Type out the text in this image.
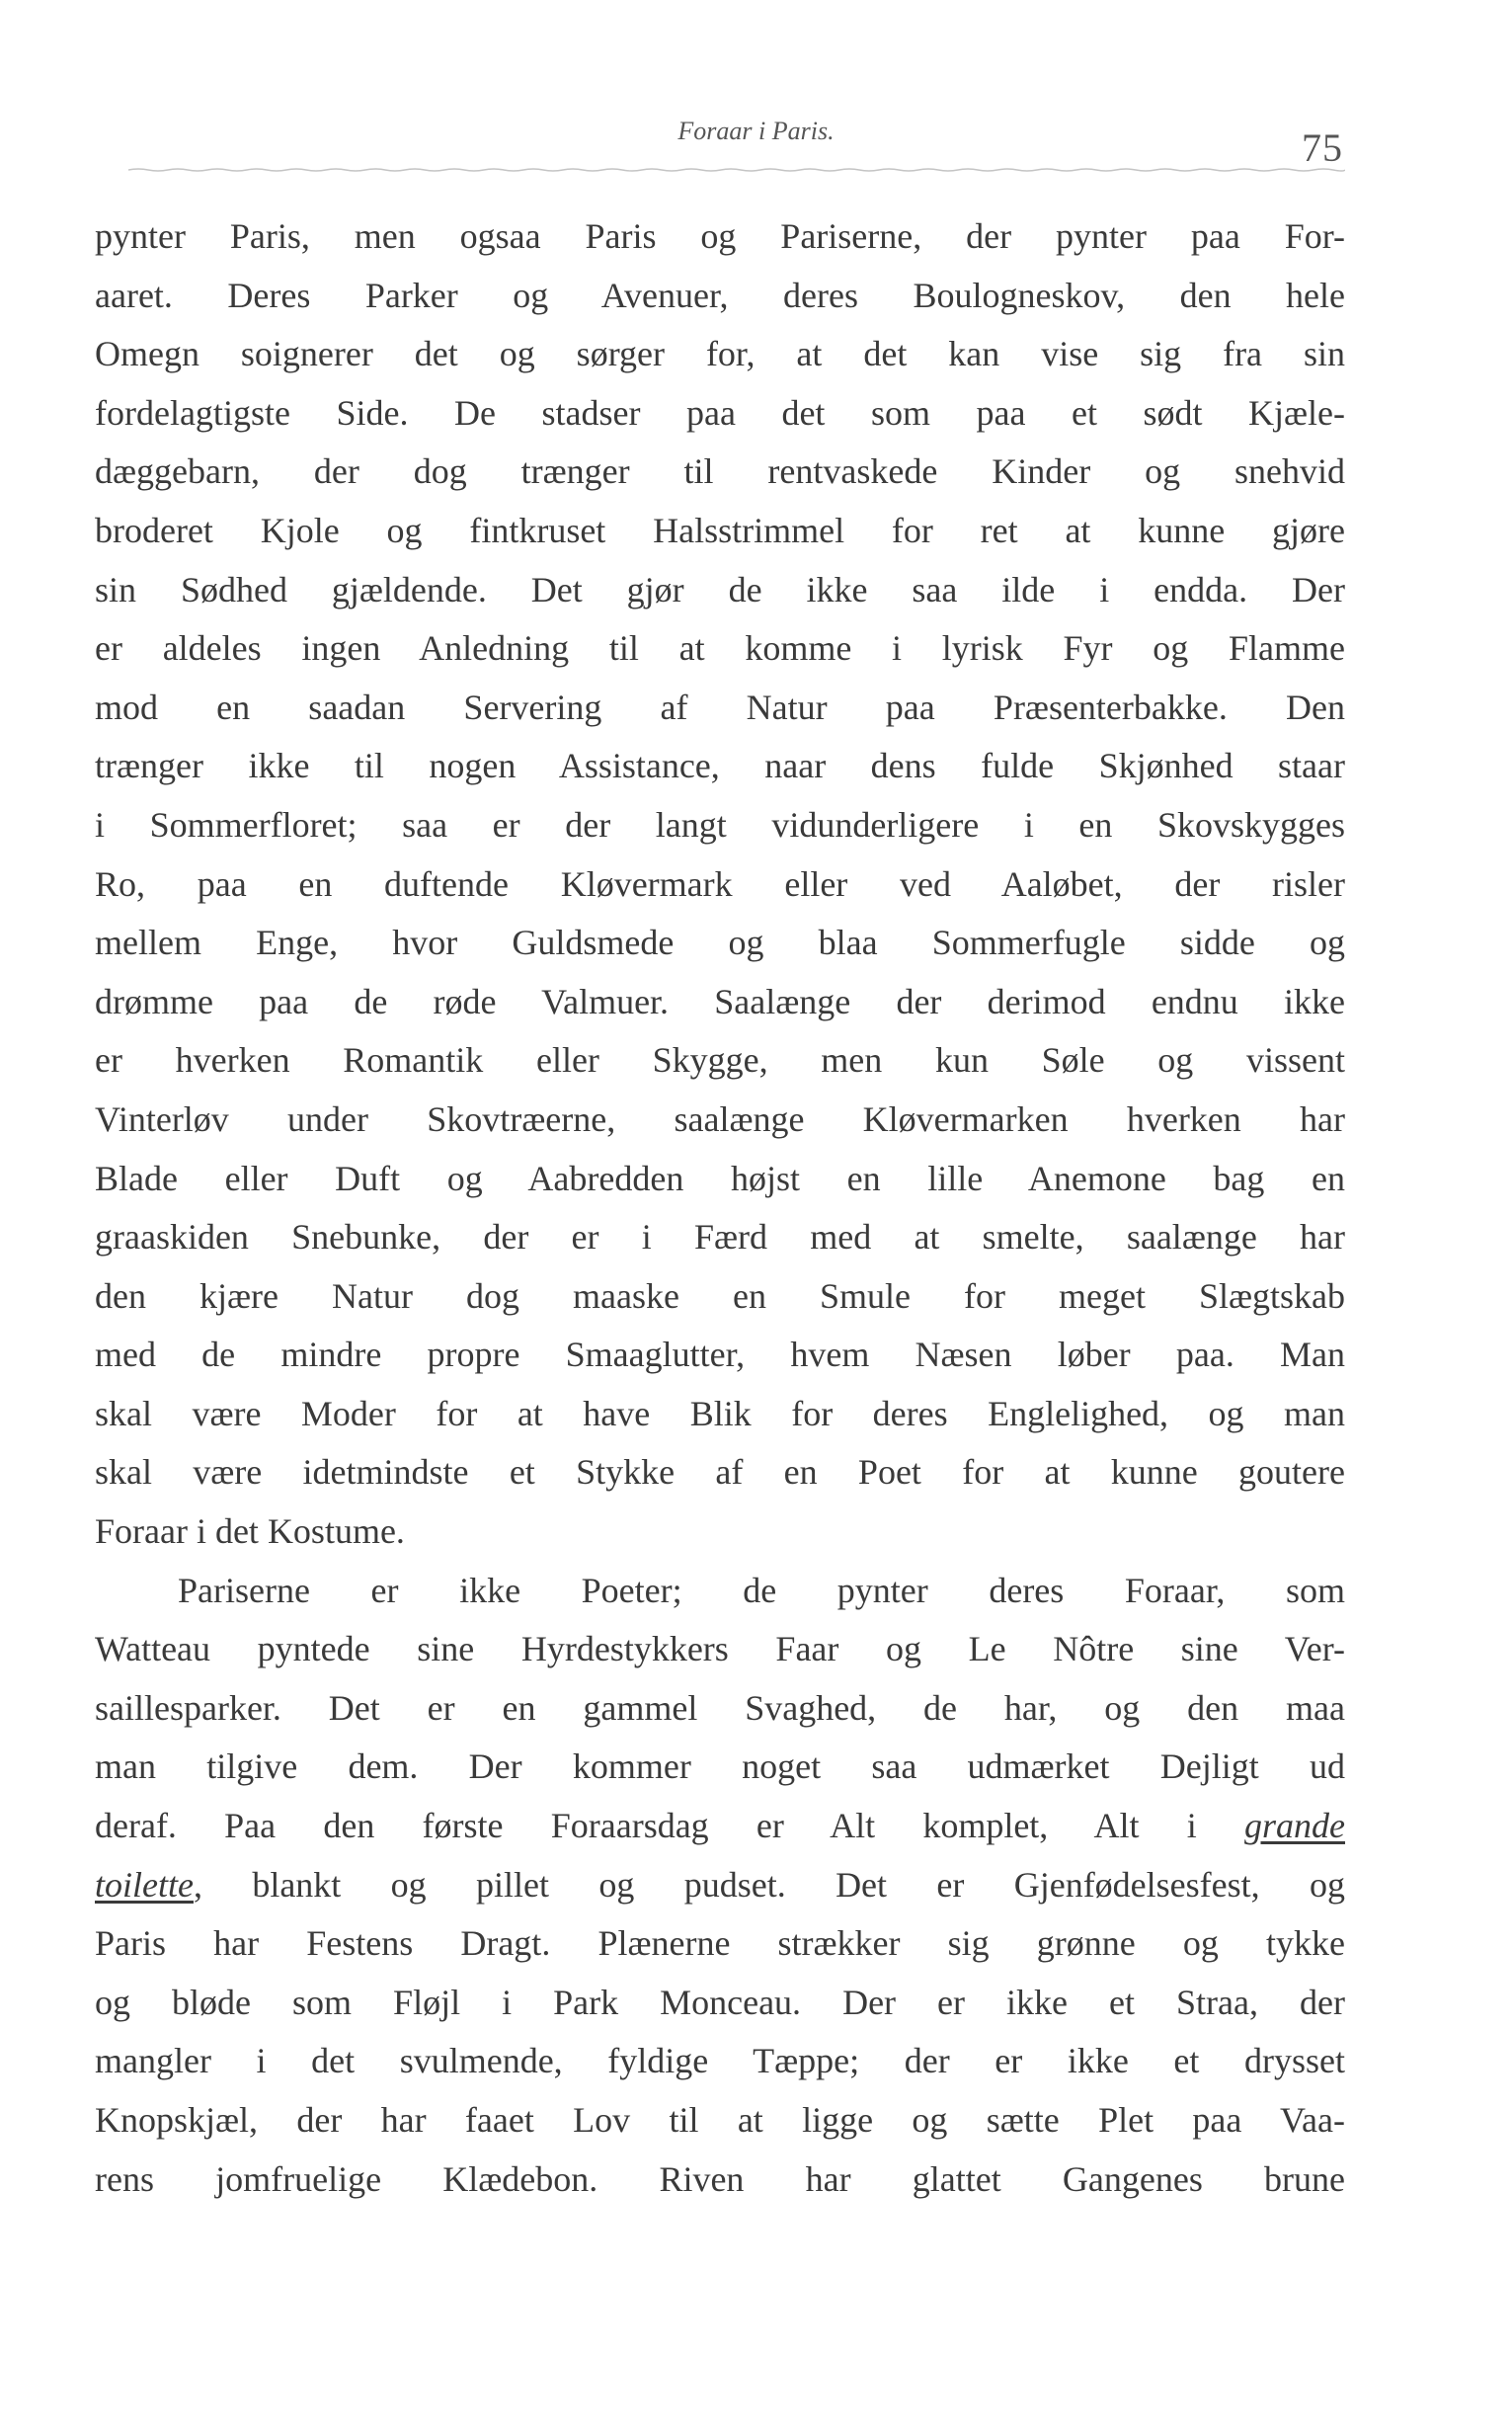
Foraar i Paris.	75
pynter Paris, men ogsaa Paris og Pariserne, der pynter paa For-
aaret. Deres Parker og Avenuer, deres Boulogneskov, den hele
Omegn soignerer det og sørger for, at det kan vise sig fra sin
fordelagtigste Side. De stadser paa det som paa et sødt Kjæle-
dæggebarn, der dog trænger til rentvaskede Kinder og snehvid
broderet Kjole og fintkruset Halsstrimmel for ret at kunne gjøre
sin Sødhed gjældende. Det gjør de ikke saa ilde i endda. Der
er aldeles ingen Anledning til at komme i lyrisk Fyr og Flamme
mod en saadan Servering af Natur paa Præsenterbakke. Den
trænger ikke til nogen Assistance, naar dens fulde Skjønhed staar
i Sommerfloret; saa er der langt vidunderligere i en Skovskygges
Ro, paa en duftende Kløvermark eller ved Aaløbet, der risler
mellem Enge, hvor Guldsmede og blaa Sommerfugle sidde og
drømme paa de røde Valmuer. Saalænge der derimod endnu ikke
er hverken Romantik eller Skygge, men kun Søle og vissent
Vinterløv under Skovtræerne, saalænge Kløvermarken hverken har
Blade eller Duft og Aabredden højst en lille Anemone bag en
graaskiden Snebunke, der er i Færd med at smelte, saalænge har
den kjære Natur dog maaske en Smule for meget Slægtskab
med de mindre propre Smaaglutter, hvem Næsen løber paa. Man
skal være Moder for at have Blik for deres Englelighed, og man
skal være idetmindste et Stykke af en Poet for at kunne goutere
Foraar i det Kostume.
Pariserne er ikke Poeter; de pynter deres Foraar, som
Watteau pyntede sine Hyrdestykkers Faar og Le Nôtre sine Ver-
saillesparker. Det er en gammel Svaghed, de har, og den maa
man tilgive dem. Der kommer noget saa udmærket Dejligt ud
deraf. Paa den første Foraarsdag er Alt komplet, Alt i grande
toilette, blankt og pillet og pudset. Det er Gjenfødelsesfest, og
Paris har Festens Dragt. Plænerne strækker sig grønne og tykke
og bløde som Fløjl i Park Monceau. Der er ikke et Straa, der
mangler i det svulmende, fyldige Tæppe; der er ikke et drysset
Knopskjæl, der har faaet Lov til at ligge og sætte Plet paa Vaa-
rens jomfruelige Klædebon. Riven har glattet Gangenes brune
